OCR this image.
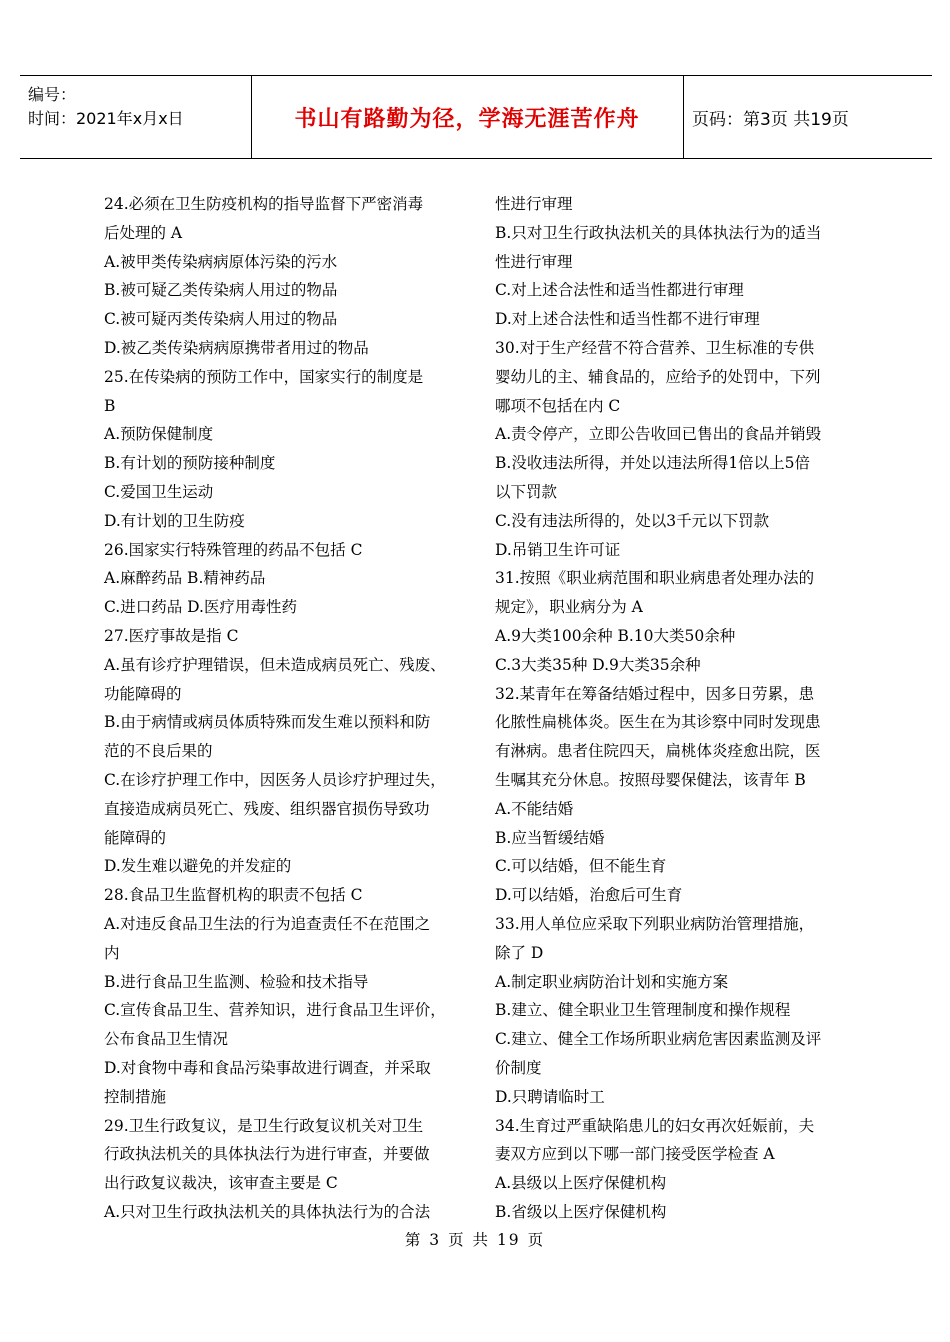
编号：
时间：2021年x月x日	书山有路勤为径，学海无涯苦作舟	页码：第3页 共19页
24.必须在卫生防疫机构的指导监督下严密消毒
后处理的 A
A.被甲类传染病病原体污染的污水
B.被可疑乙类传染病人用过的物品
C.被可疑丙类传染病人用过的物品
D.被乙类传染病病原携带者用过的物品
25.在传染病的预防工作中，国家实行的制度是
B
A.预防保健制度
B.有计划的预防接种制度
C.爱国卫生运动
D.有计划的卫生防疫
26.国家实行特殊管理的药品不包括 C
A.麻醉药品 B.精神药品
C.进口药品 D.医疗用毒性药
27.医疗事故是指 C
A.虽有诊疗护理错误，但未造成病员死亡、残废、
功能障碍的
B.由于病情或病员体质特殊而发生难以预料和防
范的不良后果的
C.在诊疗护理工作中，因医务人员诊疗护理过失，
直接造成病员死亡、残废、组织器官损伤导致功
能障碍的
D.发生难以避免的并发症的
28.食品卫生监督机构的职责不包括 C
A.对违反食品卫生法的行为追查责任不在范围之
内
B.进行食品卫生监测、检验和技术指导
C.宣传食品卫生、营养知识，进行食品卫生评价，
公布食品卫生情况
D.对食物中毒和食品污染事故进行调查，并采取
控制措施
29.卫生行政复议，是卫生行政复议机关对卫生
行政执法机关的具体执法行为进行审查，并要做
出行政复议裁决，该审查主要是 C
A.只对卫生行政执法机关的具体执法行为的合法
性进行审理
B.只对卫生行政执法机关的具体执法行为的适当
性进行审理
C.对上述合法性和适当性都进行审理
D.对上述合法性和适当性都不进行审理
30.对于生产经营不符合营养、卫生标准的专供
婴幼儿的主、辅食品的，应给予的处罚中，下列
哪项不包括在内 C
A.责令停产，立即公告收回已售出的食品并销毁
B.没收违法所得，并处以违法所得1倍以上5倍
以下罚款
C.没有违法所得的，处以3千元以下罚款
D.吊销卫生许可证
31.按照《职业病范围和职业病患者处理办法的
规定》，职业病分为 A
A.9大类100余种 B.10大类50余种
C.3大类35种 D.9大类35余种
32.某青年在筹备结婚过程中，因多日劳累，患
化脓性扁桃体炎。医生在为其诊察中同时发现患
有淋病。患者住院四天，扁桃体炎痊愈出院，医
生嘱其充分休息。按照母婴保健法，该青年 B
A.不能结婚
B.应当暂缓结婚
C.可以结婚，但不能生育
D.可以结婚，治愈后可生育
33.用人单位应采取下列职业病防治管理措施，
除了 D
A.制定职业病防治计划和实施方案
B.建立、健全职业卫生管理制度和操作规程
C.建立、健全工作场所职业病危害因素监测及评
价制度
D.只聘请临时工
34.生育过严重缺陷患儿的妇女再次妊娠前，夫
妻双方应到以下哪一部门接受医学检查 A
A.县级以上医疗保健机构
B.省级以上医疗保健机构
第 3 页 共 19 页
